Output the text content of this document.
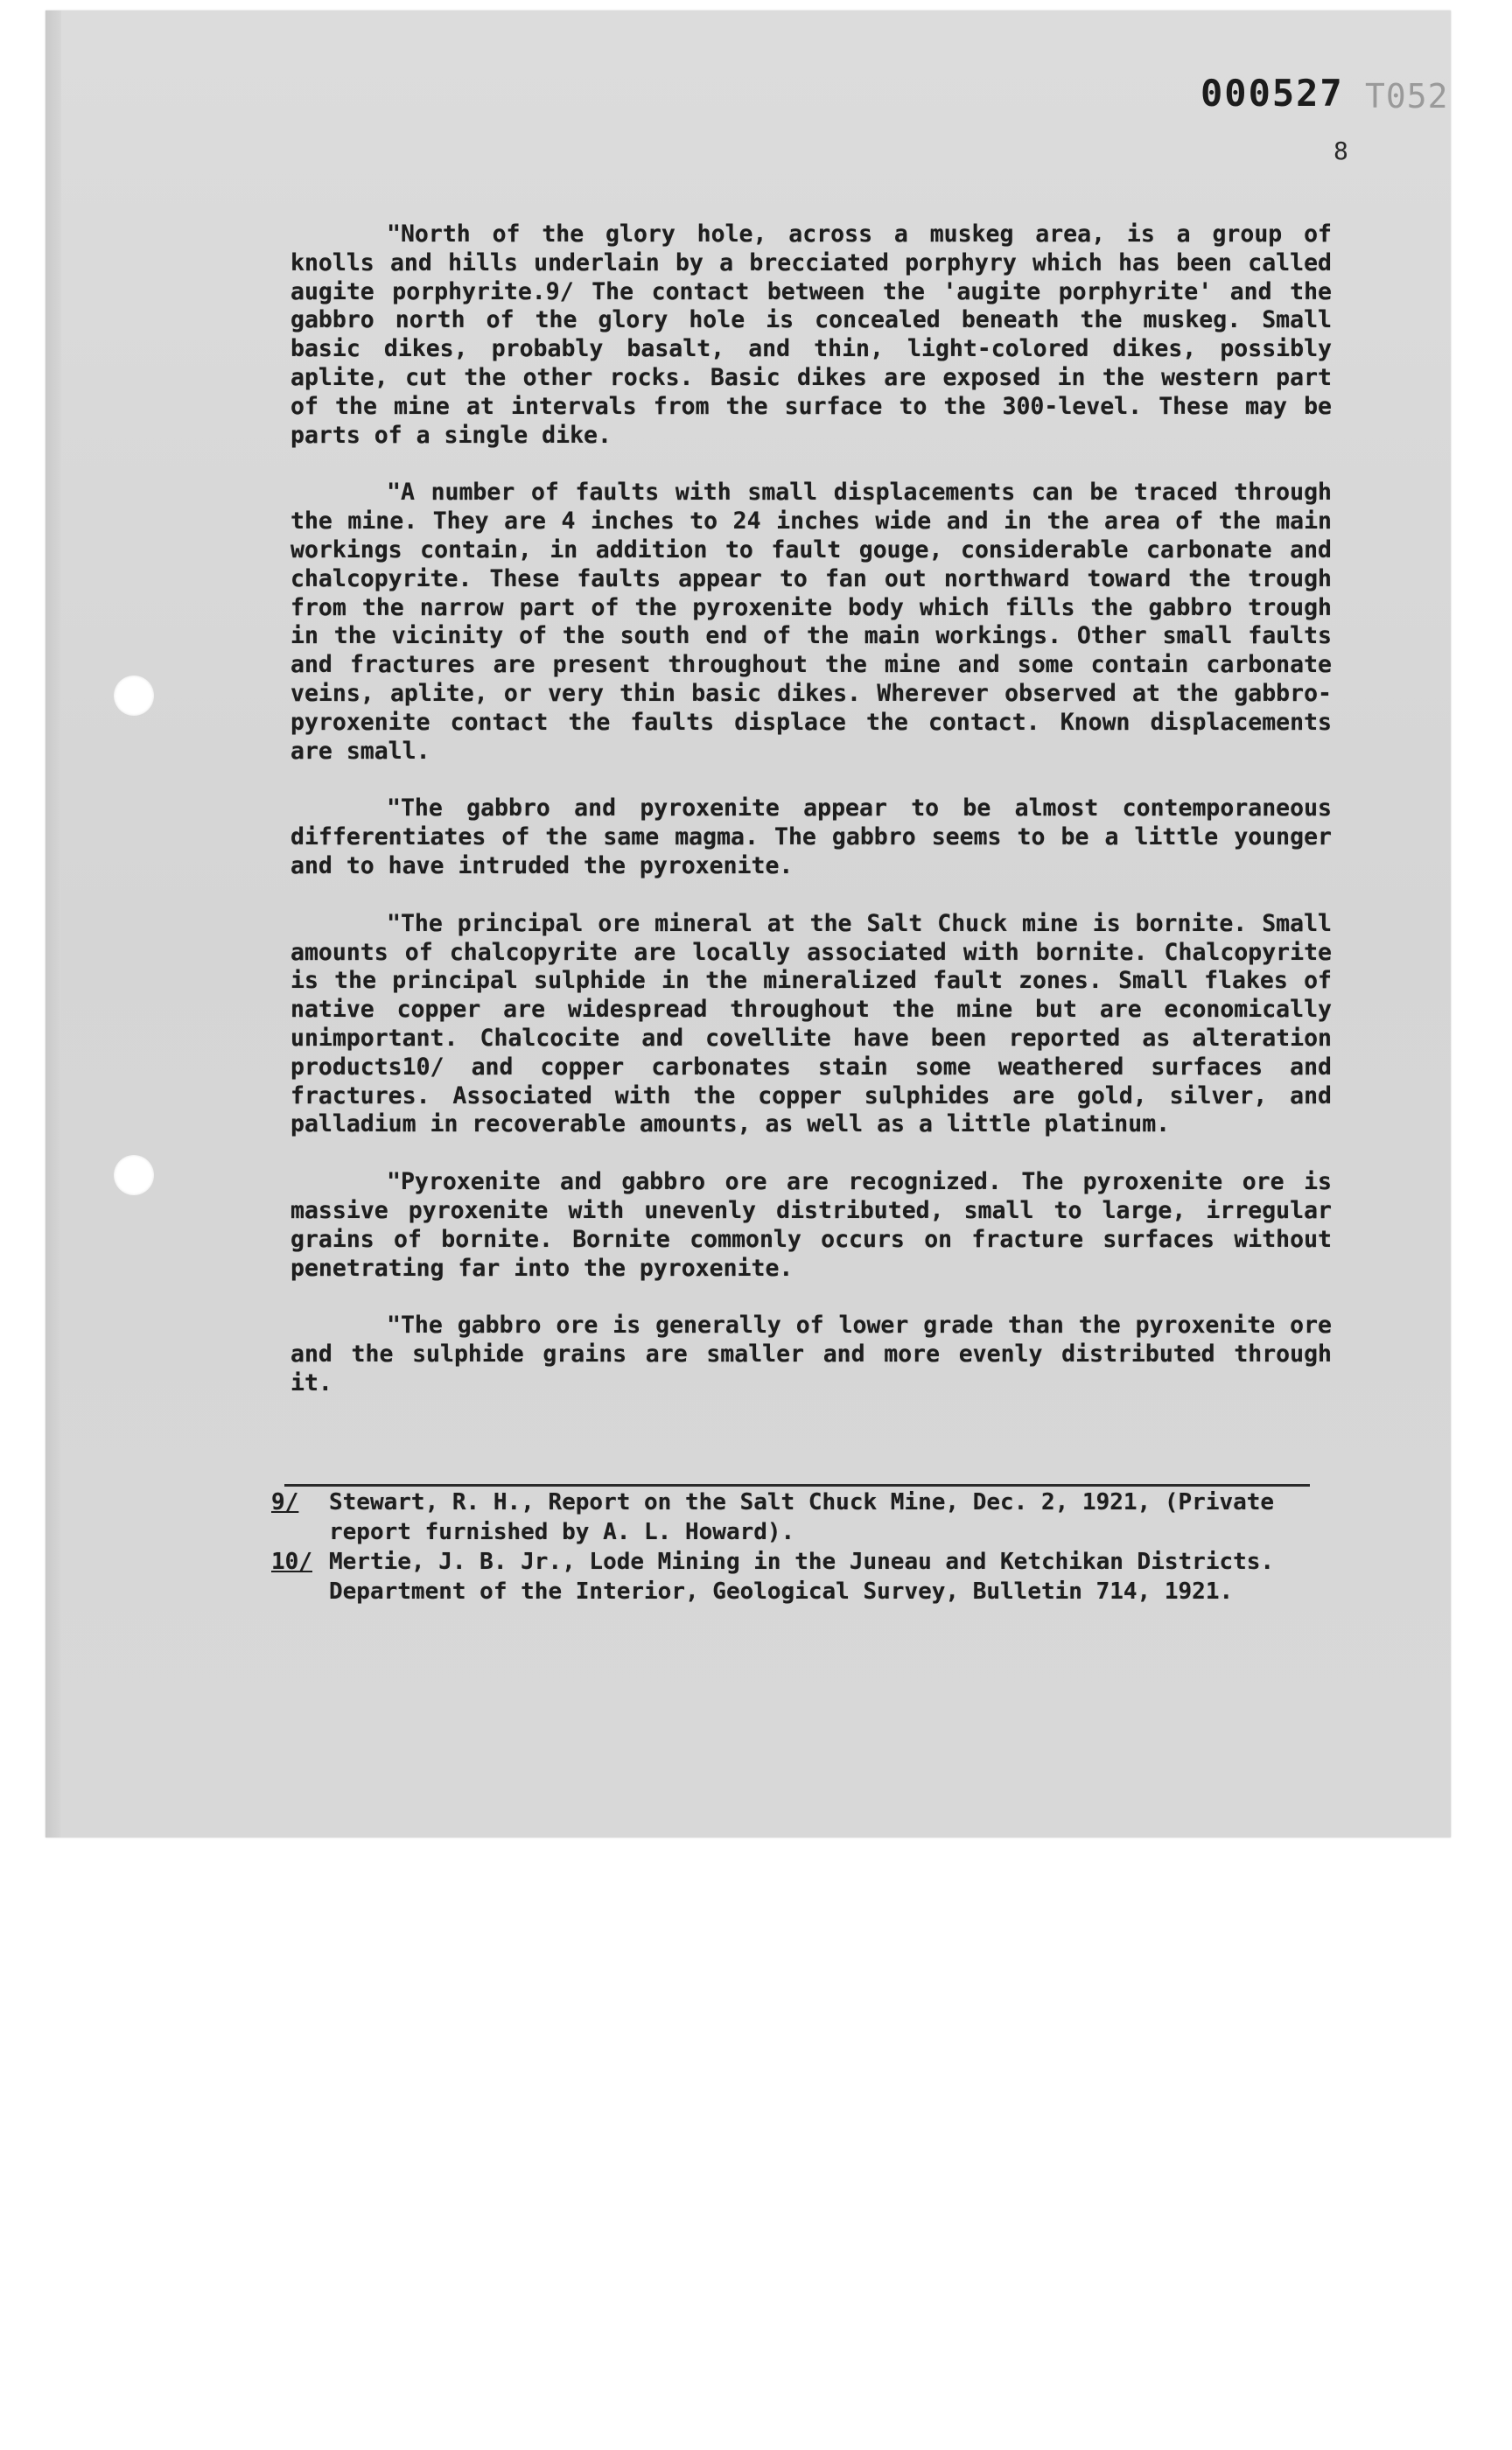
000527 T052
8

"North of the glory hole, across a muskeg area, is a group of knolls and hills underlain by a brecciated porphyry which has been called augite porphyrite.9/ The contact between the 'augite porphyrite' and the gabbro north of the glory hole is concealed beneath the muskeg. Small basic dikes, probably basalt, and thin, light-colored dikes, possibly aplite, cut the other rocks. Basic dikes are exposed in the western part of the mine at intervals from the surface to the 300-level. These may be parts of a single dike.

"A number of faults with small displacements can be traced through the mine. They are 4 inches to 24 inches wide and in the area of the main workings contain, in addition to fault gouge, considerable carbonate and chalcopyrite. These faults appear to fan out northward toward the trough from the narrow part of the pyroxenite body which fills the gabbro trough in the vicinity of the south end of the main workings. Other small faults and fractures are present throughout the mine and some contain carbonate veins, aplite, or very thin basic dikes. Wherever observed at the gabbro-pyroxenite contact the faults displace the contact. Known displacements are small.

"The gabbro and pyroxenite appear to be almost contemporaneous differentiates of the same magma. The gabbro seems to be a little younger and to have intruded the pyroxenite.

"The principal ore mineral at the Salt Chuck mine is bornite. Small amounts of chalcopyrite are locally associated with bornite. Chalcopyrite is the principal sulphide in the mineralized fault zones. Small flakes of native copper are widespread throughout the mine but are economically unimportant. Chalcocite and covellite have been reported as alteration products10/ and copper carbonates stain some weathered surfaces and fractures. Associated with the copper sulphides are gold, silver, and palladium in recoverable amounts, as well as a little platinum.

"Pyroxenite and gabbro ore are recognized. The pyroxenite ore is massive pyroxenite with unevenly distributed, small to large, irregular grains of bornite. Bornite commonly occurs on fracture surfaces without penetrating far into the pyroxenite.

"The gabbro ore is generally of lower grade than the pyroxenite ore and the sulphide grains are smaller and more evenly distributed through it.

9/	Stewart, R. H., Report on the Salt Chuck Mine, Dec. 2, 1921, (Private report furnished by A. L. Howard).
10/ Mertie, J. B. Jr., Lode Mining in the Juneau and Ketchikan Districts. Department of the Interior, Geological Survey, Bulletin 714, 1921.
